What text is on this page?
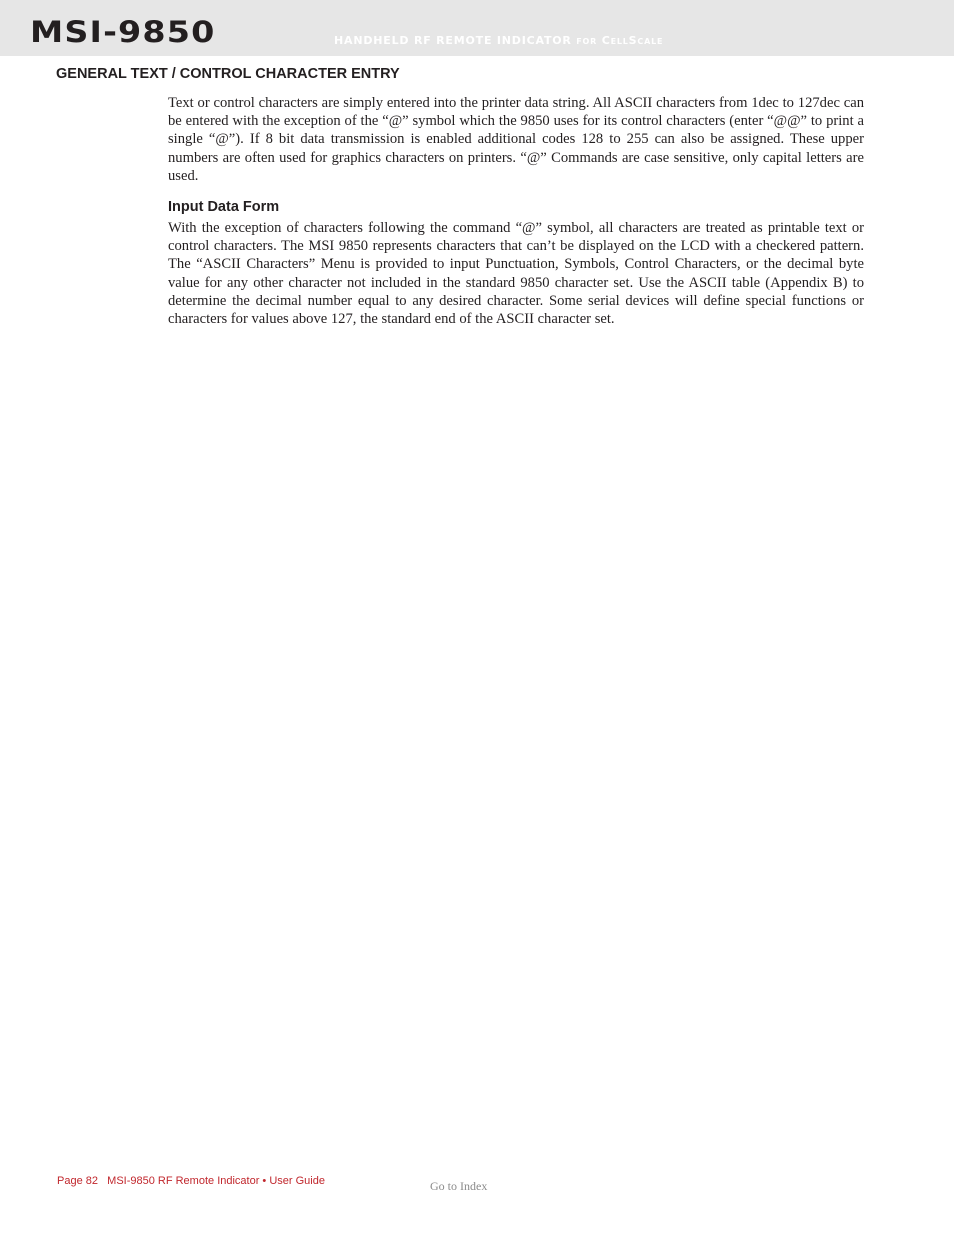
MSI-9850	HANDHELD RF REMOTE INDICATOR for CellScale
GENERAL TEXT / CONTROL CHARACTER ENTRY

Text or control characters are simply entered into the printer data string. All ASCII characters from 1dec to 127dec can be entered with the exception of the “@” symbol which the 9850 uses for its control characters (enter “@@” to print a single “@”). If 8 bit data transmission is enabled additional codes 128 to 255 can also be assigned. These upper numbers are often used for graphics characters on printers. “@” Commands are case sensitive, only capital letters are used.

Input Data Form

With the exception of characters following the command “@” symbol, all characters are treated as printable text or control characters. The MSI 9850 represents characters that can’t be displayed on the LCD with a checkered pattern. The “ASCII Characters” Menu is provided to input Punctuation, Symbols, Control Characters, or the decimal byte value for any other character not included in the standard 9850 character set. Use the ASCII table (Appendix B) to determine the decimal number equal to any desired character. Some serial devices will define special functions or characters for values above 127, the standard end of the ASCII character set.

Page 82   MSI-9850 RF Remote Indicator • User Guide	Go to Index
